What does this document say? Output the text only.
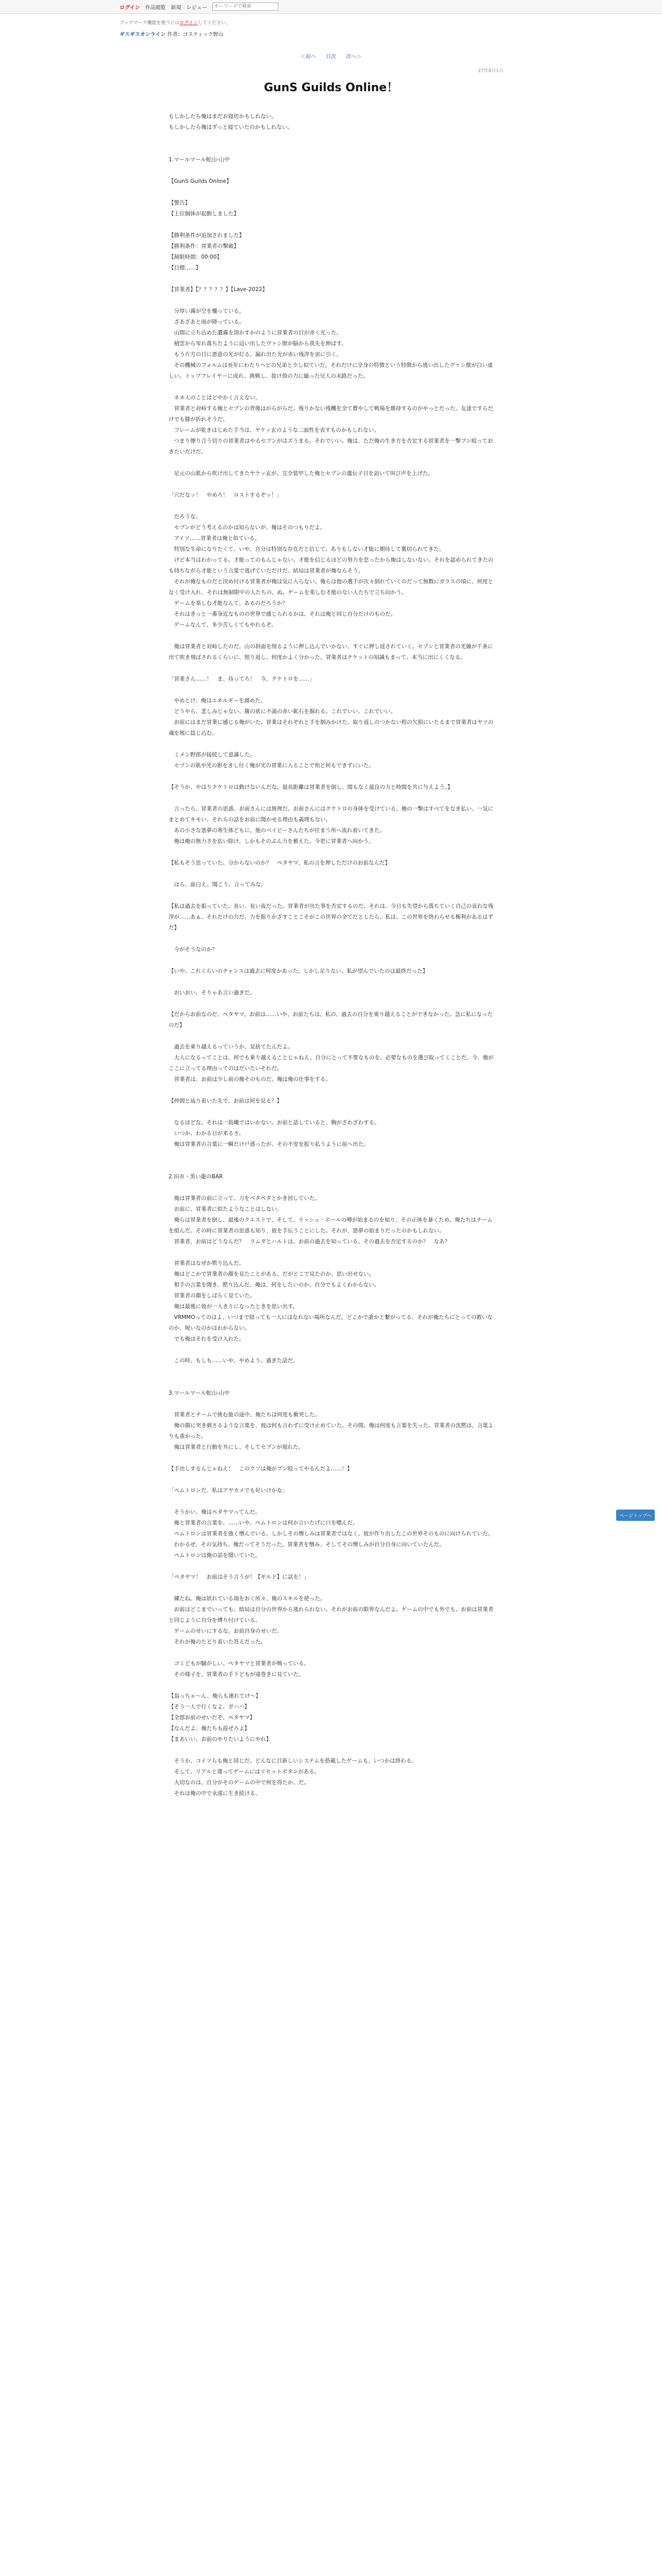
ログイン 作品閲覧 新規 レビュー
キーワードで検索
ブックマーク機能を使うにはログインしてください。
ギスギスオンライン 作者：ゴスティック野山
＜前へ 目次 次へ＞
27年8月1日
GunS Guilds Online！

もしかしたら俺はまだお寝坊かもしれない。

もしかしたら俺はずっと寝ていたのかもしれない。

1.マールマール蛇山-山中

【GunS Guilds Online】

【警告】

【上位個体が起動しました】

【勝利条件が追加されました】

【勝利条件：冒業者の撃破】

【制限時間：00:00】

【目標……】

【冒業者】【？？？？？】【Lave-2022】

　分厚い霧が空を覆っている。

　ざあざあと雨が降っている。

　山間に立ち込めた濃霧を溶かすかのように冒業者の目が赤く光った。

　積雲から零れ落ちたように這い出したヴァシ獣が脳から我先を伸ばす。

　もう片方の目に悪意の光が灯る。漏れ出た光が赤い残滓を宙に引く。

　その機械のフォルムは長年にわたりヘビの兄弟と少し似ていた。それだけに全身の特徴という特徴から逃い出したヴァシ獣が白い虚しい。トップフレイヤーに成れ、挑戦し、抜け殻の力に縋った兄人の末路だった。

　ネネ人のことはどやかく言えない。

　冒業者と対峙する俺とセブンの背後はがらがらだ。残りかない残機を全て費やして戦場を維持するのがやっとだった。友達ですらだけでも膝が折れそうだ。

　フレームが乾きはじめた手当は、ヤケッ玄のような二面性を表すものかもしれない。

　つまり擦り合う切りの冒業者はやるセブンがはズうまる。それでいい。俺は、ただ俺の生き方を否定する冒業者を一撃ブン殴っておきたいだけだ。

　足元の山肌から吹け出してきたヤケッ玄が、完全装甲した俺とセブンの遺伝子目を訪いて叫び声を上げた。

「穴だなッ！　やめろ！　ロストするぞッ！」

　だろうな。

　セブンがどう考えるのかは知らないが、俺はそのつもりだよ。

　アイツ……冒業者は俺と似ている。

　特別な生命になりたくて、いや、自分は特別な存在だと信じて、ありもしない才能に期待して裏切られてきた。

　けど本当はわかってる。才能ってのもんじゃない。才能を信じるほどの努力を怠ったから俺はしないない。それを認められてきたのも持ちながら才能という言葉で逃げていただけだ。結局は冒業者が俺ならそう。

　それが俺なものだと決め付ける冒業者が俺は気に入らない。俺らは他の選手が次々倒れていくのだって無数にガラスの頃に、何度となく受け入れ、それは無制限中の人たちの、ぬ。ゲームを楽しむ才能のない人たちで立ち向かう。

　ゲームを楽しむ才能なんて、あるのだろうか？

　それはきっと一番身近なものの世界で感じられるかは、それは俺と同じ自分だけのものだ。

　ゲームなんて、多少苦しくてもやれるぞ。

　俺は冒業者と対峙したのだ。山の斜面を削るように押し込んでいかない、すぐに押し返されていく。セブンと冒業者の光線が千条に出て吹き飛ばされるくらいに、照り返し、何度かよく分かった。冒業者はチケットの知識もまって、本当に出にくくなる。

「冒業さん……！　ま、待ってろ！　今、クケトロを……」

　やめとけ、俺はエネルギーを溜めた。

　どうやら、悲しみじゃない、腹の底に不満の赤い鉱石を掘れる。これでいい、これでいい。

　お前にはまだ冒業に感じる俺がいた。冒業はそれぞれと手を掴みかけた。取り返しのつかない程の欠損にいたるまで冒業者はヤツの魂を地に捻じ込む。

　ミメシ野郎が接続して意識した。

　セブンの肌や光の影をきし付く俺が光の冒業に入ることで殆ど何もできずにいた。

【そうか、やはりクケトロは動けないんだな。最長距離は冒業者を倒し、間もなく最良の力と時間を共に与えよう。】

　言ったら、冒業者の思惑、お前さんには無理だ。お前さんにはクケトロの身体を受けている。俺の一撃はすべてをなぎ払い、一気にまとめてキモい、それらの話をお前に聞かせる理由も義理もない。

　あの小さな悪夢の寄生体どもに、他のベイビーさんたちが住まう所へ流れ着いてきた。

　俺は俺の無力さを払い除け、しかもそのぶん力を蓄えた。今更に冒業者へ向かう。

【私もそう思っていた。分からないのか？　ペタヤマ、私の言を押しただけのお前なんだ】

　ほら、面白え、聞こう。言ってみな。

【私は過去を振っていた。長い、長い夜だった。冒業者が出た事を否定するのだ。それは、今日も失望から落ちていく自己の哀れな残滓が……あぁ、それだけの力だ。力を振りかざすことこそがこの世界の全てだとしたら、私は、この世界を終わらせる権利があるはずだ】

　今がそうなのか？

【いや、これくらいのチャンスは過去に何度かあった。しかし足りない。私が望んでいたのは最終だった】

　おいおい、そりゃあ言い過ぎだ。

【だからお前なのだ、ペタヤマ。お前は……いや、お前たちは、私の、過去の自分を乗り越えることができなかった。急に私になったのだ】

　過去を乗り越えるっていうか、見捨てたんだよ。

　大人になるってことは、何でも乗り越えることじゃねえ。自分にとって不要なものを、必要なものを選び取ってくことだ。今、俺がここに立ってる理由ってのはだいたいそれだ。

　冒業者は、お前は少し前の俺そのものだ。俺は俺の仕事をする。

【仲間と辿り着いた先で、お前は何を見る？】

　なるほどな。それは一筋縄ではいかない。お前と話していると、胸がざわざわする。

　いつか、わかる日が来るさ。

　俺は冒業者の言葉に一瞬だけ戸惑ったが、その不安を振り払うように前へ出た。

2.旧市・黒い龍のBAR

　俺は冒業者の前に立って、刀をペタペタとかき回していた。

　お前に、冒業者に似たようなことはしない。

　俺らは冒業者を倒し、最後のクエストで、そして、ラッシュ・ホールの噂が始まるのを知り、その正体を暴くため、俺たちはチームを組んだ。その時に冒業者の思惑も知り、彼を手伝うことにした。それが、悪夢の始まりだったのかもしれない。

　冒業者、お前はどうなんだ？　ラムダとハルトは、お前の過去を知っている。その過去を否定するのか？　なあ？

　冒業者はなぜか黙り込んだ。

　俺はどこかで冒業者の顔を見たことがある。だがどこで見たのか、思い出せない。

　相手の言葉を聞き、黙り込んだ。俺は、何をしたいのか、自分でもよくわからない。

　冒業者の顔をしばらく見ていた。

　俺は最後に彼が一人きりになったときを思い出す。

　VRMMOってのはよ、いつまで経っても一人にはなれない場所なんだ。どこかで誰かと繋がってる、それが俺たちにとっての救いなのか、呪いなのかはわからない。

　でも俺はそれを受け入れた。

　この時、もしも……いや、やめよう。過ぎた話だ。

3.マールマール蛇山-山中

　冒業者とチームで挑む旅の途中、俺たちは何度も衝突した。

　俺の顔に突き刺さるような言葉を、彼は何も言わずに受け止めていた。その間、俺は何度も言葉を失った。冒業者の沈黙は、言葉よりも重かった。

　俺は冒業者と行動を共にし、そしてセブンが現れた。

【手出しするんじゃねえ！　このクソは俺がブン殴ってやるんだよ……！】

「ペムトロンだ、私はアヤカメでも好いけかな」

　そうかい、俺はペタヤマってんだ。

　俺と冒業者の言葉を、……いや、ペムトロンは何か言いたげに口を噤んだ。

　ペムトロンは冒業者を強く憎んでいる。しかしその憎しみは冒業者ではなく、彼が作り出したこの世界そのものに向けられていた。

　わかるぜ、その気持ち。俺だってそうだった。冒業者を憎み、そしてその憎しみが自分自身に向いていたんだ。

　ペムトロンは俺の話を聞いていた。

「ペタヤマ！　お前はそう言うが！【ギルド】に話を！」

　練たね。俺は妖れている端をおく所々、俺のスキルを使った。

　お前はどこまでいっても、結局は自分の世界から逃れられない。それがお前の限界なんだよ。ゲームの中でも外でも、お前は冒業者と同じように自分を縛り付けている。

　ゲームのせいにするな。お前自身のせいだ。

　それが俺のたどり着いた答えだった。

　ゴミどもが騒がしい。ペタヤマと冒業者が戦っている。

　その様子を、冒業者の手下どもが遠巻きに見ていた。

【翁っちゃ～ん、俺らも連れてけ～】

【そう一人で行くなよ、ガハハ】

【全部お前のせいだぞ、ペタヤマ】

【なんだよ、俺たちも混ぜろよ】

【まあいい、お前のやりたいようにやれ】

　そうか、コイツらも俺と同じだ。どんなに目新しいシステムを搭載したゲームも、いつかは終わる。

　そして、リアルと違ってゲームにはリセットボタンがある。

　大切なのは、自分がそのゲームの中で何を得たか、だ。

　それは俺の中で永遠に生き続ける。

ページトップへ
